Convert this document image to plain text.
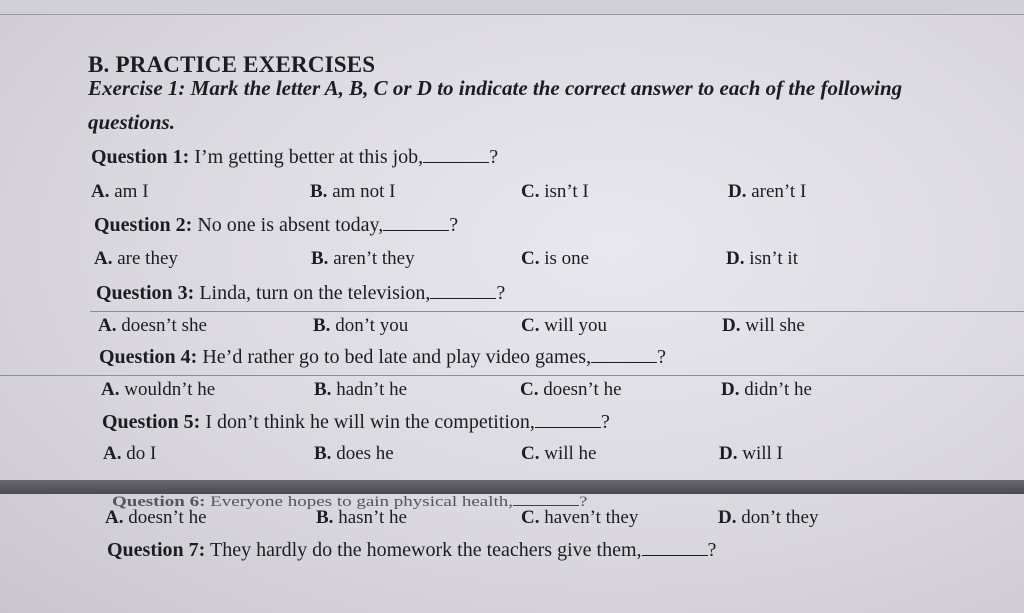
B. PRACTICE EXERCISES
Exercise 1: Mark the letter A, B, C or D to indicate the correct answer to each of the following
questions.
Question 1: I’m getting better at this job,	?
A. am I	B. am not I	C. isn’t I	D. aren’t I
Question 2: No one is absent today,	?
A. are they	B. aren’t they	C. is one	D. isn’t it
Question 3: Linda, turn on the television,	?
A. doesn’t she	B. don’t you	C. will you	D. will she
Question 4: He’d rather go to bed late and play video games,	?
A. wouldn’t he	B. hadn’t he	C. doesn’t he	D. didn’t he
Question 5: I don’t think he will win the competition,	?
A. do I	B. does he	C. will he	D. will I
Question 6: Everyone hopes to gain physical health,	?
A. doesn’t he	B. hasn’t he	C. haven’t they	D. don’t they
Question 7: They hardly do the homework the teachers give them,	?
